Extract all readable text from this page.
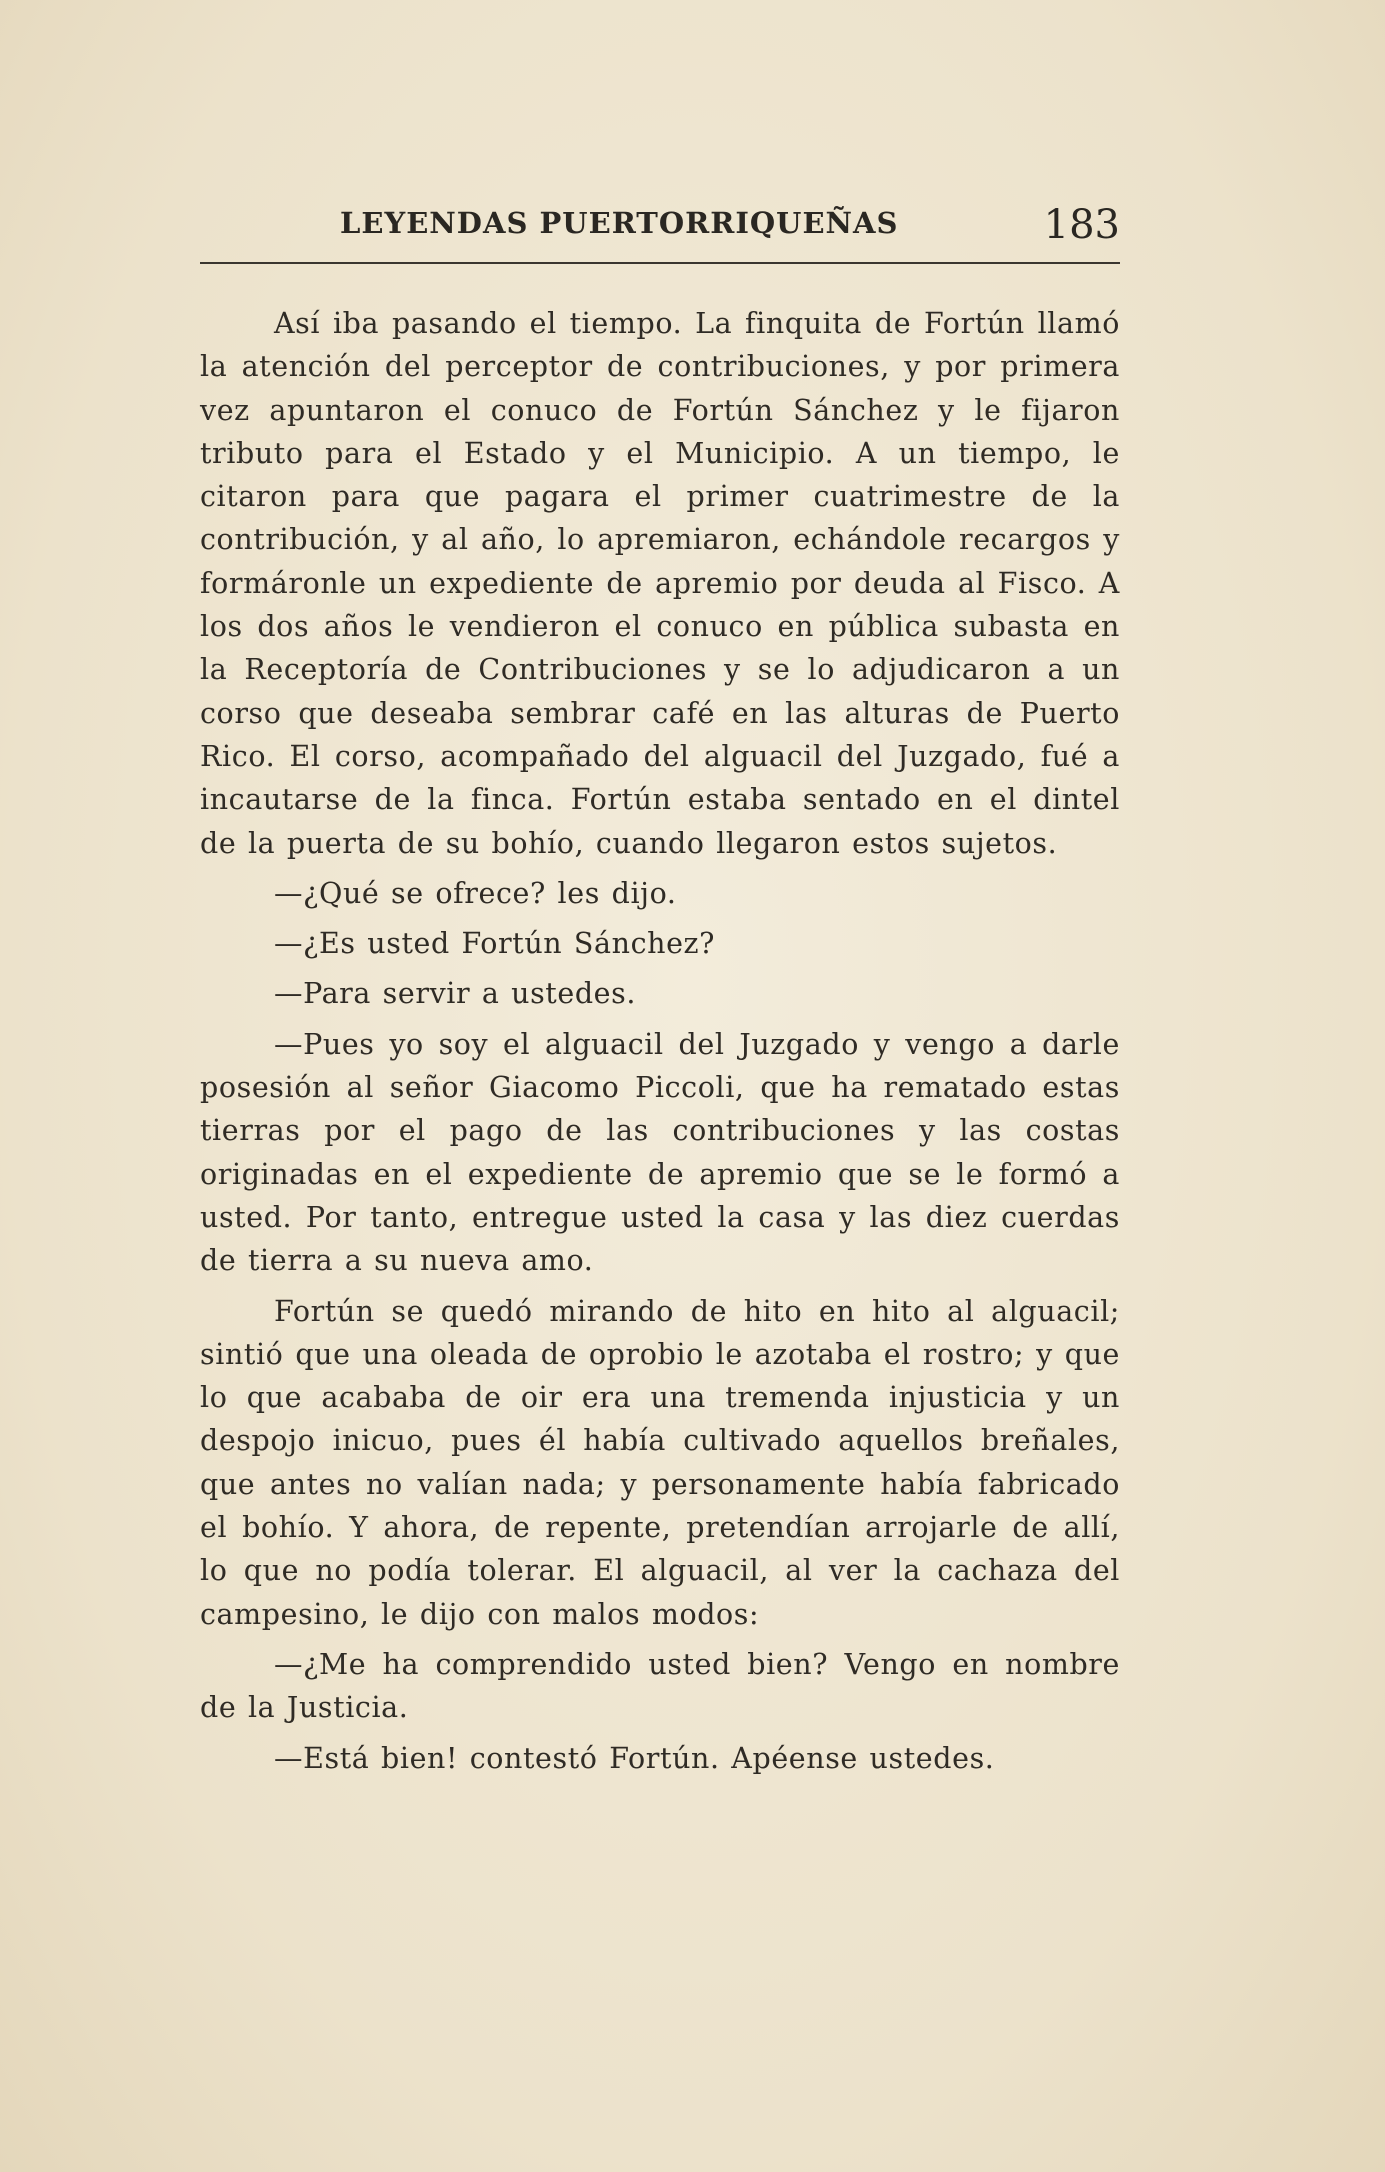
LEYENDAS PUERTORRIQUEÑAS	183

Así iba pasando el tiempo. La finquita de Fortún llamó la atención del perceptor de contribuciones, y por primera vez apuntaron el conuco de Fortún Sánchez y le fijaron tributo para el Estado y el Municipio. A un tiempo, le citaron para que pagara el primer cuatrimestre de la contribución, y al año, lo apremiaron, echándole recargos y formáronle un expediente de apremio por deuda al Fisco. A los dos años le vendieron el conuco en pública subasta en la Receptoría de Contribuciones y se lo adjudicaron a un corso que deseaba sembrar café en las alturas de Puerto Rico. El corso, acompañado del alguacil del Juzgado, fué a incautarse de la finca. Fortún estaba sentado en el dintel de la puerta de su bohío, cuando llegaron estos sujetos.

—¿Qué se ofrece? les dijo.

—¿Es usted Fortún Sánchez?

—Para servir a ustedes.

—Pues yo soy el alguacil del Juzgado y vengo a darle posesión al señor Giacomo Piccoli, que ha rematado estas tierras por el pago de las contribuciones y las costas originadas en el expediente de apremio que se le formó a usted. Por tanto, entregue usted la casa y las diez cuerdas de tierra a su nueva amo.

Fortún se quedó mirando de hito en hito al alguacil; sintió que una oleada de oprobio le azotaba el rostro; y que lo que acababa de oir era una tremenda injusticia y un despojo inicuo, pues él había cultivado aquellos breñales, que antes no valían nada; y personamente había fabricado el bohío. Y ahora, de repente, pretendían arrojarle de allí, lo que no podía tolerar. El alguacil, al ver la cachaza del campesino, le dijo con malos modos:

—¿Me ha comprendido usted bien? Vengo en nombre de la Justicia.

—Está bien! contestó Fortún. Apéense ustedes.
